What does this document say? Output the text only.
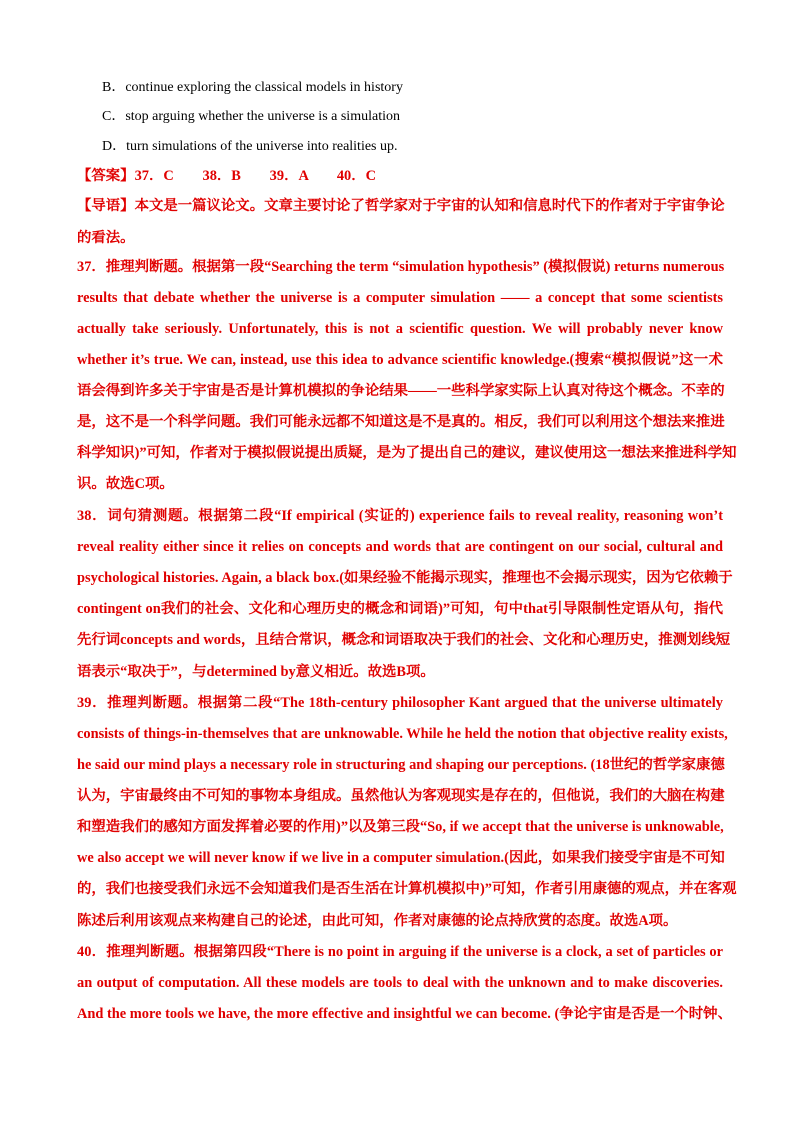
B．continue exploring the classical models in history
C．stop arguing whether the universe is a simulation
D．turn simulations of the universe into realities up.
【答案】37．C　　38．B　　39．A　　40．C
【导语】本文是一篇议论文。文章主要讨论了哲学家对于宇宙的认知和信息时代下的作者对于宇宙争论
的看法。
37．推理判断题。根据第一段“Searching the term “simulation hypothesis” (模拟假说) returns numerous
results that debate whether the universe is a computer simulation —— a concept that some scientists
actually take seriously. Unfortunately, this is not a scientific question. We will probably never know
whether it’s true. We can, instead, use this idea to advance scientific knowledge.(搜索“模拟假说”这一术
语会得到许多关于宇宙是否是计算机模拟的争论结果——一些科学家实际上认真对待这个概念。不幸的
是，这不是一个科学问题。我们可能永远都不知道这是不是真的。相反，我们可以利用这个想法来推进
科学知识)”可知，作者对于模拟假说提出质疑，是为了提出自己的建议，建议使用这一想法来推进科学知
识。故选C项。
38．词句猜测题。根据第二段“If empirical (实证的) experience fails to reveal reality, reasoning won’t
reveal reality either since it relies on concepts and words that are contingent on our social, cultural and
psychological histories. Again, a black box.(如果经验不能揭示现实，推理也不会揭示现实，因为它依赖于
contingent on我们的社会、文化和心理历史的概念和词语)”可知，句中that引导限制性定语从句，指代
先行词concepts and words，且结合常识，概念和词语取决于我们的社会、文化和心理历史，推测划线短
语表示“取决于”，与determined by意义相近。故选B项。
39．推理判断题。根据第二段“The 18th-century philosopher Kant argued that the universe ultimately
consists of things-in-themselves that are unknowable. While he held the notion that objective reality exists,
he said our mind plays a necessary role in structuring and shaping our perceptions. (18世纪的哲学家康德
认为，宇宙最终由不可知的事物本身组成。虽然他认为客观现实是存在的，但他说，我们的大脑在构建
和塑造我们的感知方面发挥着必要的作用)”以及第三段“So, if we accept that the universe is unknowable,
we also accept we will never know if we live in a computer simulation.(因此，如果我们接受宇宙是不可知
的，我们也接受我们永远不会知道我们是否生活在计算机模拟中)”可知，作者引用康德的观点，并在客观
陈述后利用该观点来构建自己的论述，由此可知，作者对康德的论点持欣赏的态度。故选A项。
40．推理判断题。根据第四段“There is no point in arguing if the universe is a clock, a set of particles or
an output of computation. All these models are tools to deal with the unknown and to make discoveries.
And the more tools we have, the more effective and insightful we can become. (争论宇宙是否是一个时钟、
